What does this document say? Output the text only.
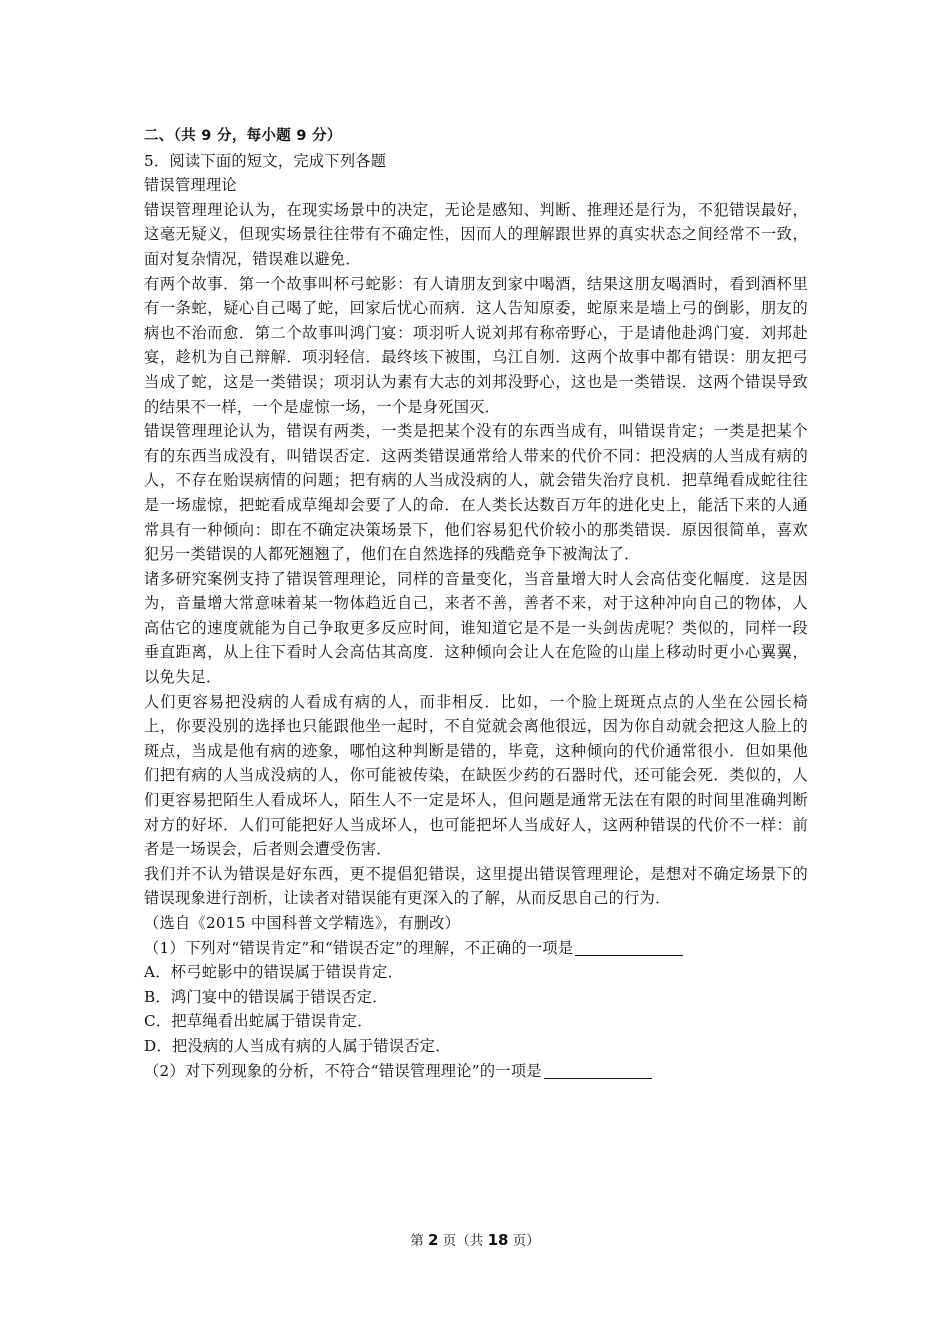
二、（共 9 分，每小题 9 分）

5．阅读下面的短文，完成下列各题

错误管理理论

错误管理理论认为，在现实场景中的决定，无论是感知、判断、推理还是行为，不犯错误最好，这毫无疑义，但现实场景往往带有不确定性，因而人的理解跟世界的真实状态之间经常不一致，面对复杂情况，错误难以避免．

有两个故事．第一个故事叫杯弓蛇影：有人请朋友到家中喝酒，结果这朋友喝酒时，看到酒杯里有一条蛇，疑心自己喝了蛇，回家后忧心而病．这人告知原委，蛇原来是墙上弓的倒影，朋友的病也不治而愈．第二个故事叫鸿门宴：项羽听人说刘邦有称帝野心，于是请他赴鸿门宴．刘邦赴宴，趁机为自己辩解．项羽轻信．最终垓下被围，乌江自刎．这两个故事中都有错误：朋友把弓当成了蛇，这是一类错误；项羽认为素有大志的刘邦没野心，这也是一类错误．这两个错误导致的结果不一样，一个是虚惊一场，一个是身死国灭．

错误管理理论认为，错误有两类，一类是把某个没有的东西当成有，叫错误肯定；一类是把某个有的东西当成没有，叫错误否定．这两类错误通常给人带来的代价不同：把没病的人当成有病的人，不存在贻误病情的问题；把有病的人当成没病的人，就会错失治疗良机．把草绳看成蛇往往是一场虚惊，把蛇看成草绳却会要了人的命．在人类长达数百万年的进化史上，能活下来的人通常具有一种倾向：即在不确定决策场景下，他们容易犯代价较小的那类错误．原因很简单，喜欢犯另一类错误的人都死翘翘了，他们在自然选择的残酷竞争下被淘汰了．

诸多研究案例支持了错误管理理论，同样的音量变化，当音量增大时人会高估变化幅度．这是因为，音量增大常意味着某一物体趋近自己，来者不善，善者不来，对于这种冲向自己的物体，人高估它的速度就能为自己争取更多反应时间，谁知道它是不是一头剑齿虎呢？类似的，同样一段垂直距离，从上往下看时人会高估其高度．这种倾向会让人在危险的山崖上移动时更小心翼翼，以免失足．

人们更容易把没病的人看成有病的人，而非相反．比如，一个脸上斑斑点点的人坐在公园长椅上，你要没别的选择也只能跟他坐一起时，不自觉就会离他很远，因为你自动就会把这人脸上的斑点，当成是他有病的迹象，哪怕这种判断是错的，毕竟，这种倾向的代价通常很小．但如果他们把有病的人当成没病的人，你可能被传染，在缺医少药的石器时代，还可能会死．类似的，人们更容易把陌生人看成坏人，陌生人不一定是坏人，但问题是通常无法在有限的时间里准确判断对方的好坏．人们可能把好人当成坏人，也可能把坏人当成好人，这两种错误的代价不一样：前者是一场误会，后者则会遭受伤害．

我们并不认为错误是好东西，更不提倡犯错误，这里提出错误管理理论，是想对不确定场景下的错误现象进行剖析，让读者对错误能有更深入的了解，从而反思自己的行为．

（选自《2015 中国科普文学精选》，有删改）

（1）下列对“错误肯定”和“错误否定”的理解，不正确的一项是

A．杯弓蛇影中的错误属于错误肯定．

B．鸿门宴中的错误属于错误否定．

C．把草绳看出蛇属于错误肯定．

D．把没病的人当成有病的人属于错误否定．

（2）对下列现象的分析，不符合“错误管理理论”的一项是

第 2 页（共 18 页）
